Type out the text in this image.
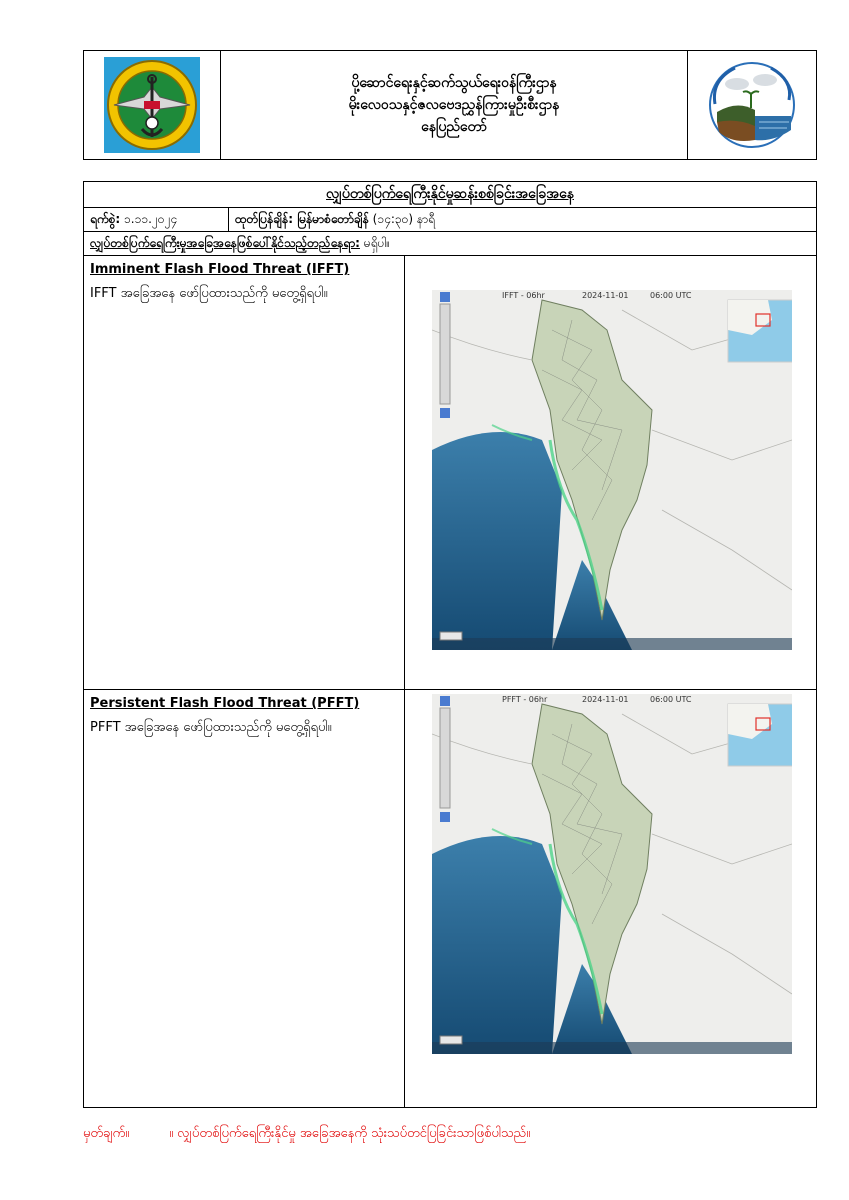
ပို့ဆောင်ရေးနှင့်ဆက်သွယ်ရေးဝန်ကြီးဌာန
မိုးလေဝသနှင့်ဇလဗေဒညွှန်ကြားမှုဦးစီးဌာန
နေပြည်တော်
လျှပ်တစ်ပြက်ရေကြီးနိုင်မှုဆန်းစစ်ခြင်းအခြေအနေ
ရက်စွဲ:
၁.၁၁.၂၀၂၄	ထုတ်ပြန်ချိန်: မြန်မာစံတော်ချိန်
(၁၄:၃၀) နာရီ
လျှပ်တစ်ပြက်ရေကြီးမှုအခြေအနေဖြစ်ပေါ်နိုင်သည့်တည်နေရာ:
မရှိပါ။
Imminent Flash Flood Threat (IFFT)
IFFT အခြေအနေ ဖော်ပြထားသည်ကို မတွေ့ရှိရပါ။	IFFT - 06hr	2024-11-01	06:00 UTC
Persistent Flash Flood Threat (PFFT)
PFFT အခြေအနေ ဖော်ပြထားသည်ကို မတွေ့ရှိရပါ။
PFFT - 06hr	2024-11-01	06:00 UTC
မှတ်ချက်။	။ လျှပ်တစ်ပြက်ရေကြီးနိုင်မှု အခြေအနေကို သုံးသပ်တင်ပြခြင်းသာဖြစ်ပါသည်။
